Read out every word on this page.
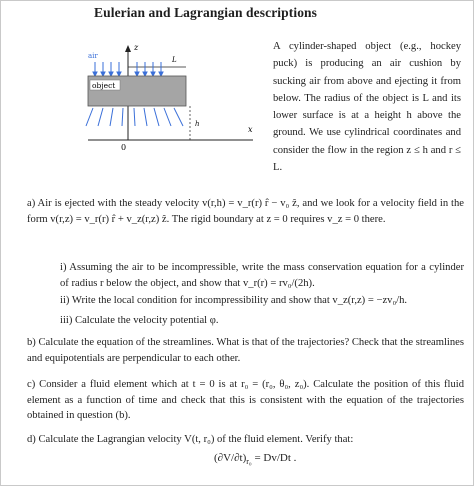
Eulerian and Lagrangian descriptions
z
x
0
air	L
object
h
A cylinder-shaped object (e.g., hockey puck) is producing an air cushion by sucking air from above and ejecting it from below. The radius of the object is L and its lower surface is at a height h above the ground. We use cylindrical coordinates and consider the flow in the region z ≤ h and r ≤ L.
a) Air is ejected with the steady velocity v(r,h) = v_r(r) r̂ − v₀ ẑ, and we look for a velocity field in the form v(r,z) = v_r(r) r̂ + v_z(r,z) ẑ. The rigid boundary at z = 0 requires v_z = 0 there.
i) Assuming the air to be incompressible, write the mass conservation equation for a cylinder of radius r below the object, and show that v_r(r) = rv₀/(2h).
ii) Write the local condition for incompressibility and show that v_z(r,z) = −zv₀/h.
iii) Calculate the velocity potential φ.
b) Calculate the equation of the streamlines. What is that of the trajectories? Check that the streamlines and equipotentials are perpendicular to each other.
c) Consider a fluid element which at t = 0 is at r₀ = (r₀, θ₀, z₀). Calculate the position of this fluid element as a function of time and check that this is consistent with the equation of the trajectories obtained in question (b).
d) Calculate the Lagrangian velocity V(t, r₀) of the fluid element. Verify that:
$(\partial V/\partial t)_{r_0} = Dv/Dt$ .
